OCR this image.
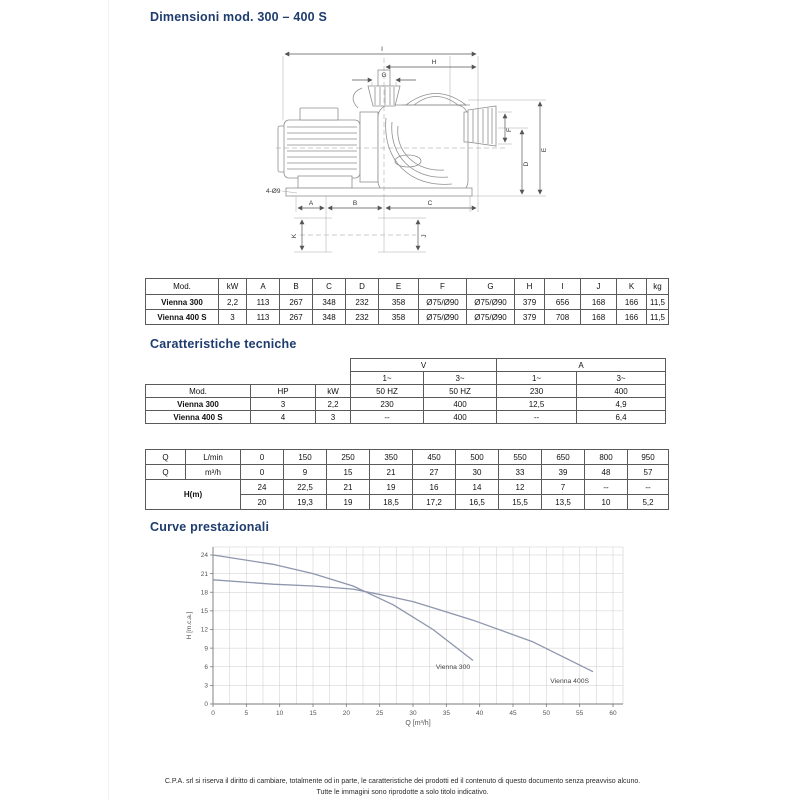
Dimensioni mod. 300 – 400 S
I
H
G
E
D
F
A	B	C
K	J
4-Ø9
Mod.	kW	A	B	C	D	E	F	G	H	I	J	K	kg
Vienna 300	2,2	113	267	348	232	358	Ø75/Ø90	Ø75/Ø90	379	656	168	166	11,5
Vienna 400 S	3	113	267	348	232	358	Ø75/Ø90	Ø75/Ø90	379	708	168	166	11,5
Caratteristiche tecniche
			V		A	
			1~	3~	1~	3~
Mod.	HP	kW	50 HZ	50 HZ	230	400
Vienna 300	3	2,2	230	400	12,5	4,9
Vienna 400 S	4	3	--	400	--	6,4
Q	L/min	0	150	250	350	450	500	550	650	800	950
Q	m³/h	0	9	15	21	27	30	33	39	48	57
H(m)		24	22,5	21	19	16	14	12	7	--	--
		20	19,3	19	18,5	17,2	16,5	15,5	13,5	10	5,2
Curve prestazionali
0	5	10	15	20	25	30	35	40	45	50	55	60
0
3
6
9
12
15
18
21
24
Q [m³/h]
H [m.c.a.]
Vienna 300
Vienna 400S
C.P.A. srl si riserva il diritto di cambiare, totalmente od in parte, le caratteristiche dei prodotti ed il contenuto di questo documento senza preavviso alcuno.
Tutte le immagini sono riprodotte a solo titolo indicativo.
